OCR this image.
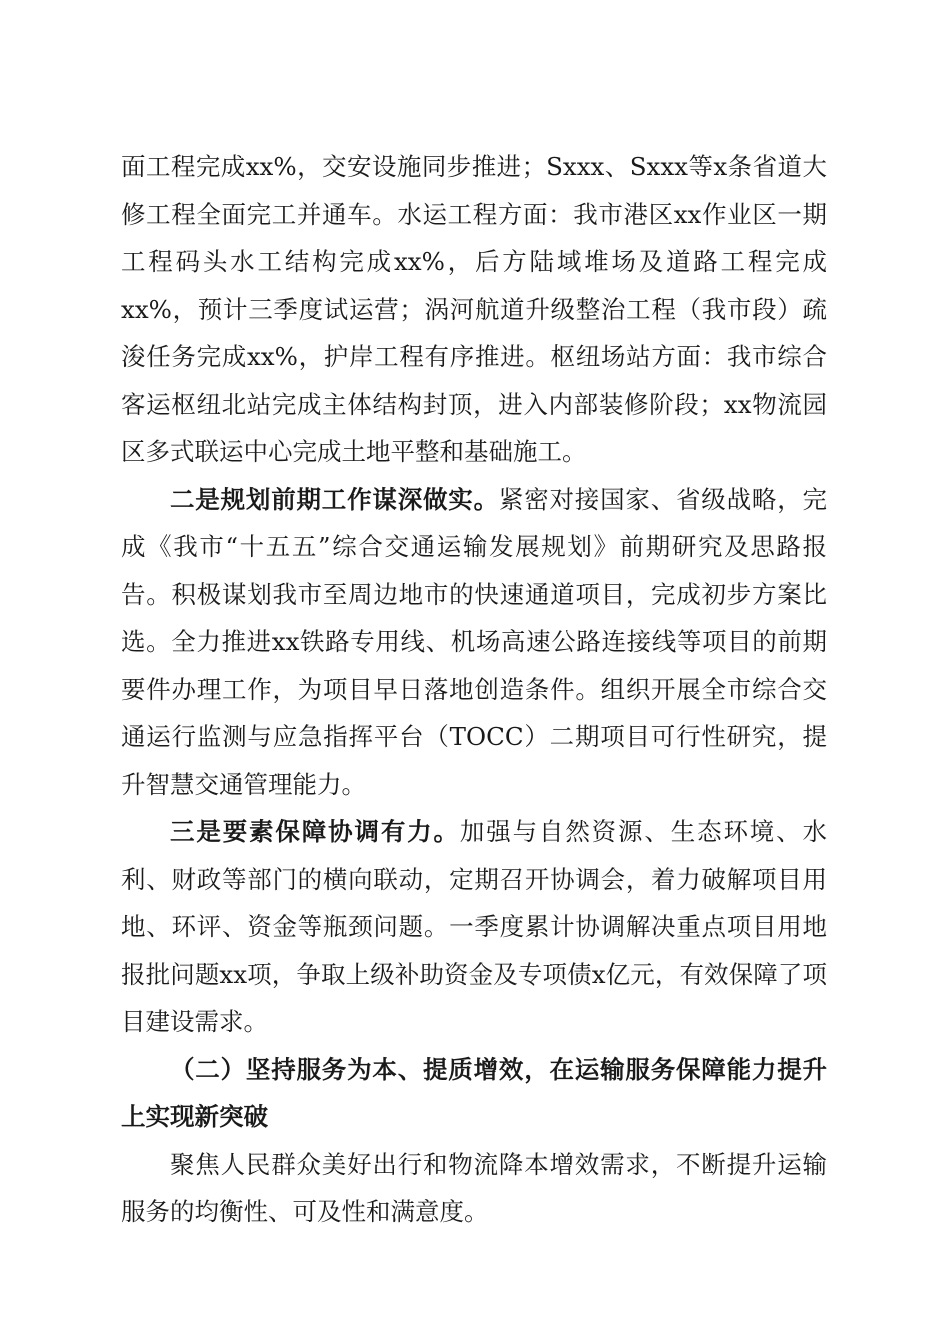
面工程完成xx%，交安设施同步推进；Sxxx、Sxxx等x条省道大修工程全面完工并通车。水运工程方面：我市港区xx作业区一期工程码头水工结构完成xx%，后方陆域堆场及道路工程完成xx%，预计三季度试运营；涡河航道升级整治工程（我市段）疏浚任务完成xx%，护岸工程有序推进。枢纽场站方面：我市综合客运枢纽北站完成主体结构封顶，进入内部装修阶段；xx物流园区多式联运中心完成土地平整和基础施工。

二是规划前期工作谋深做实。紧密对接国家、省级战略，完成《我市“十五五”综合交通运输发展规划》前期研究及思路报告。积极谋划我市至周边地市的快速通道项目，完成初步方案比选。全力推进xx铁路专用线、机场高速公路连接线等项目的前期要件办理工作，为项目早日落地创造条件。组织开展全市综合交通运行监测与应急指挥平台（TOCC）二期项目可行性研究，提升智慧交通管理能力。

三是要素保障协调有力。加强与自然资源、生态环境、水利、财政等部门的横向联动，定期召开协调会，着力破解项目用地、环评、资金等瓶颈问题。一季度累计协调解决重点项目用地报批问题xx项，争取上级补助资金及专项债x亿元，有效保障了项目建设需求。

（二）坚持服务为本、提质增效，在运输服务保障能力提升上实现新突破

聚焦人民群众美好出行和物流降本增效需求，不断提升运输服务的均衡性、可及性和满意度。
